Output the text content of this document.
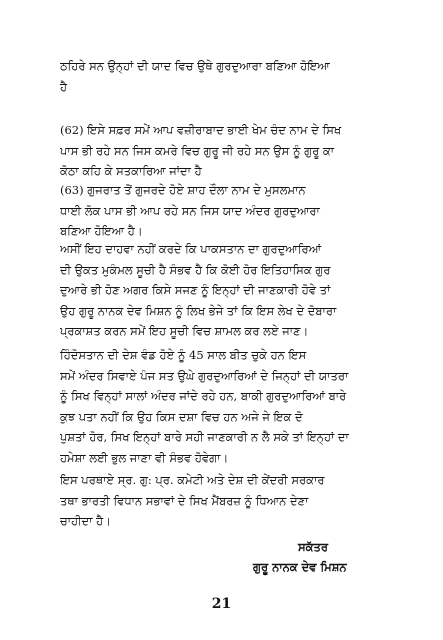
ਠਹਿਰੇ ਸਨ ਉਨ੍ਹਾਂ ਦੀ ਯਾਦ ਵਿਚ ਉਥੇ ਗੁਰਦੁਆਰਾ ਬਣਿਆ ਹੋਇਆ
ਹੈ

(62) ਇਸੇ ਸਫ਼ਰ ਸਮੇਂ ਆਪ ਵਜ਼ੀਰਾਬਾਦ ਭਾਈ ਖੇਮ ਚੰਦ ਨਾਮ ਦੇ ਸਿਖ
ਪਾਸ ਭੀ ਰਹੇ ਸਨ ਜਿਸ ਕਮਰੇ ਵਿਚ ਗੁਰੂ ਜੀ ਰਹੇ ਸਨ ਉਸ ਨੂੰ ਗੁਰੂ ਕਾ
ਕੋਠਾ ਕਹਿ ਕੇ ਸਤਕਾਰਿਆ ਜਾਂਦਾ ਹੈ

(63) ਗੁਜਰਾਤ ਤੋਂ ਗੁਜਰਦੇ ਹੋਏ ਸ਼ਾਹ ਦੌਲਾ ਨਾਮ ਦੇ ਮੁਸਲਮਾਨ
ਧਾਈ ਲੋਕ ਪਾਸ ਭੀ ਆਪ ਰਹੇ ਸਨ ਜਿਸ ਯਾਦ ਅੰਦਰ ਗੁਰਦੁਆਰਾ
ਬਣਿਆ ਹੋਇਆ ਹੈ।

ਅਸੀਂ ਇਹ ਦਾਹਵਾ ਨਹੀਂ ਕਰਦੇ ਕਿ ਪਾਕਸਤਾਨ ਦਾ ਗੁਰਦੁਆਰਿਆਂ
ਦੀ ਉਕਤ ਮੁਕੰਮਲ ਸੂਚੀ ਹੈ ਸੰਭਵ ਹੈ ਕਿ ਕੋਈ ਹੋਰ ਇਤਿਹਾਸਿਕ ਗੁਰ
ਦੁਆਰੇ ਭੀ ਹੋਣ ਅਗਰ ਕਿਸੇ ਸਜਣ ਨੂੰ ਇਨ੍ਹਾਂ ਦੀ ਜਾਣਕਾਰੀ ਹੋਵੇ ਤਾਂ
ਉਹ ਗੁਰੂ ਨਾਨਕ ਦੇਵ ਮਿਸ਼ਨ ਨੂੰ ਲਿਖ ਭੇਜੇ ਤਾਂ ਕਿ ਇਸ ਲੇਖ ਦੇ ਦੋਬਾਰਾ
ਪ੍ਰਕਾਸ਼ਤ ਕਰਨ ਸਮੇਂ ਇਹ ਸੂਚੀ ਵਿਚ ਸ਼ਾਮਲ ਕਰ ਲਏ ਜਾਣ।

ਹਿੰਦੋਸਤਾਨ ਦੀ ਦੇਸ਼ ਵੰਡ ਹੋਏ ਨੂੰ 45 ਸਾਲ ਬੀਤ ਚੁਕੇ ਹਨ ਇਸ
ਸਮੇਂ ਅੰਦਰ ਸਿਵਾਏ ਪੰਜ ਸਤ ਉਘੇ ਗੁਰਦੁਆਰਿਆਂ ਦੇ ਜਿਨ੍ਹਾਂ ਦੀ ਯਾਤਰਾ
ਨੂੰ ਸਿਖ ਵਿਨ੍ਹਾਂ ਸਾਲਾਂ ਅੰਦਰ ਜਾਂਦੇ ਰਹੇ ਹਨ, ਬਾਕੀ ਗੁਰਦੁਆਰਿਆਂ ਬਾਰੇ
ਕੁਝ ਪਤਾ ਨਹੀਂ ਕਿ ਉਹ ਕਿਸ ਦਸ਼ਾ ਵਿਚ ਹਨ ਅਜੇ ਜੇ ਇਕ ਦੋ
ਪੁਸ਼ਤਾਂ ਹੋਰ, ਸਿਖ ਇਨ੍ਹਾਂ ਬਾਰੇ ਸਹੀ ਜਾਣਕਾਰੀ ਨ ਲੈ ਸਕੇ ਤਾਂ ਇਨ੍ਹਾਂ ਦਾ
ਹਮੇਸ਼ਾ ਲਈ ਭੁਲ ਜਾਣਾ ਵੀ ਸੰਭਵ ਹੋਵੇਗਾ।

ਇਸ ਪਰਥਾਏ ਸ੍ਰ. ਗੁ: ਪ੍ਰ. ਕਮੇਟੀ ਅਤੇ ਦੇਸ਼ ਦੀ ਕੇਂਦਰੀ ਸਰਕਾਰ
ਤਥਾ ਭਾਰਤੀ ਵਿਧਾਨ ਸਭਾਵਾਂ ਦੇ ਸਿਖ ਮੈਂਬਰਜ਼ ਨੂੰ ਧਿਆਨ ਦੇਣਾ
ਚਾਹੀਦਾ ਹੈ।

ਸਕੱਤਰ
ਗੁਰੂ ਨਾਨਕ ਦੇਵ ਮਿਸ਼ਨ
21
